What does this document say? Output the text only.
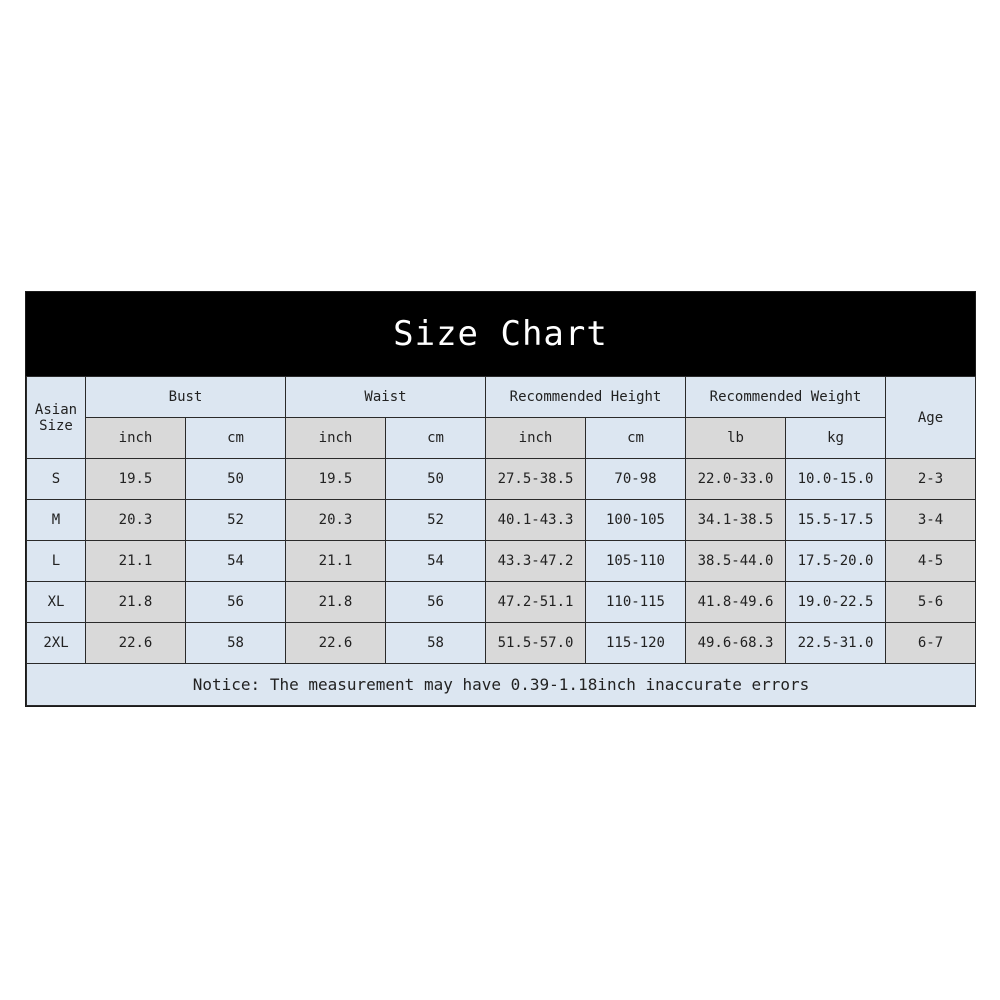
Size Chart
Asian
Size	Bust		Waist		Recommended Height		Recommended Weight		Age
	inch	cm	inch	cm	inch	cm	lb	kg	
S	19.5	50	19.5	50	27.5-38.5	70-98	22.0-33.0	10.0-15.0	2-3
M	20.3	52	20.3	52	40.1-43.3	100-105	34.1-38.5	15.5-17.5	3-4
L	21.1	54	21.1	54	43.3-47.2	105-110	38.5-44.0	17.5-20.0	4-5
XL	21.8	56	21.8	56	47.2-51.1	110-115	41.8-49.6	19.0-22.5	5-6
2XL	22.6	58	22.6	58	51.5-57.0	115-120	49.6-68.3	22.5-31.0	6-7
Notice: The measurement may have 0.39-1.18inch inaccurate errors									
